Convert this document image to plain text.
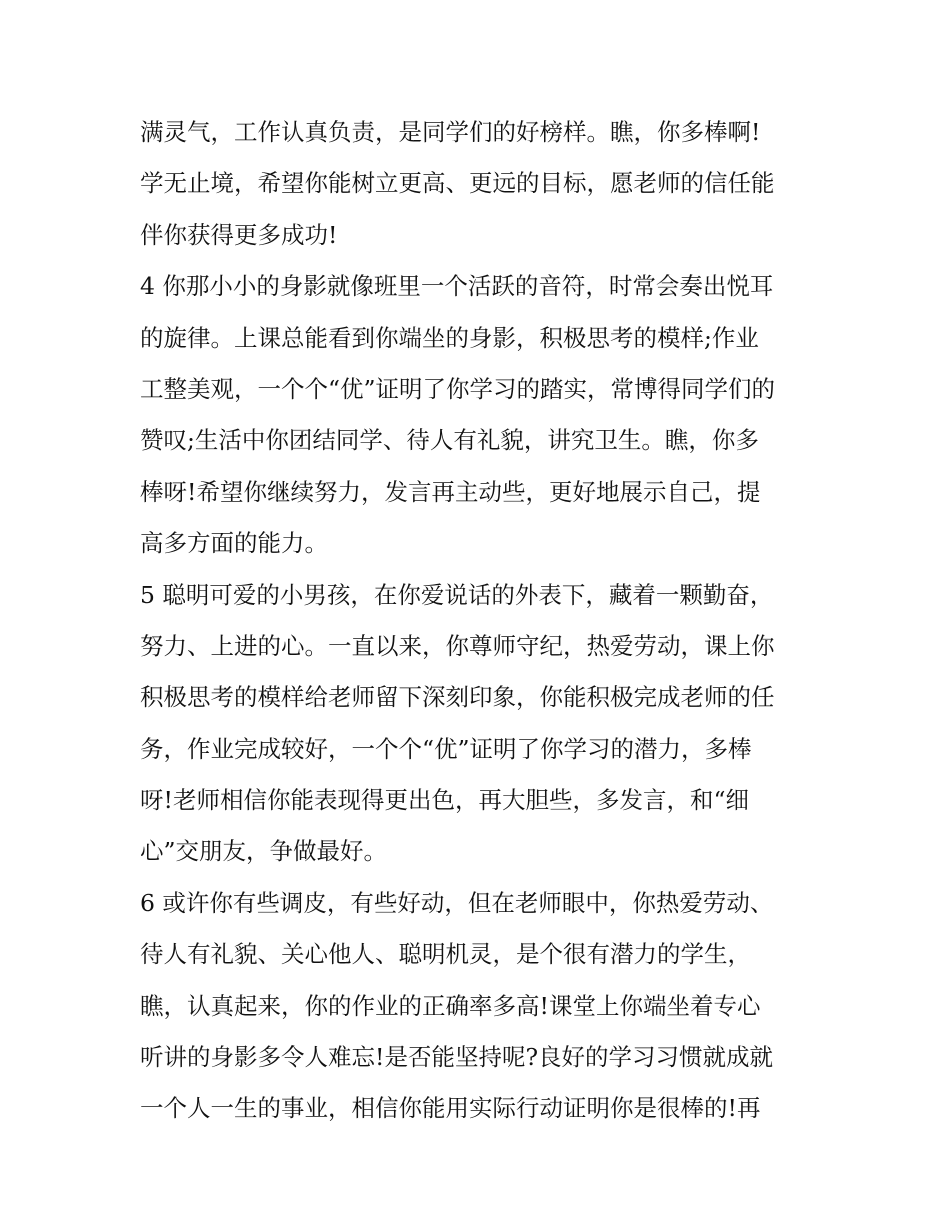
满灵气，工作认真负责，是同学们的好榜样。瞧，你多棒啊!
学无止境，希望你能树立更高、更远的目标，愿老师的信任能
伴你获得更多成功!
4 你那小小的身影就像班里一个活跃的音符，时常会奏出悦耳
的旋律。上课总能看到你端坐的身影，积极思考的模样;作业
工整美观，一个个“优”证明了你学习的踏实，常博得同学们的
赞叹;生活中你团结同学、待人有礼貌，讲究卫生。瞧，你多
棒呀!希望你继续努力，发言再主动些，更好地展示自己，提
高多方面的能力。
5 聪明可爱的小男孩，在你爱说话的外表下，藏着一颗勤奋，
努力、上进的心。一直以来，你尊师守纪，热爱劳动，课上你
积极思考的模样给老师留下深刻印象，你能积极完成老师的任
务，作业完成较好，一个个“优”证明了你学习的潜力，多棒
呀!老师相信你能表现得更出色，再大胆些，多发言，和“细
心”交朋友，争做最好。
6 或许你有些调皮，有些好动，但在老师眼中，你热爱劳动、
待人有礼貌、关心他人、聪明机灵，是个很有潜力的学生，
瞧，认真起来，你的作业的正确率多高!课堂上你端坐着专心
听讲的身影多令人难忘!是否能坚持呢?良好的学习习惯就成就
一个人一生的事业，相信你能用实际行动证明你是很棒的!再
